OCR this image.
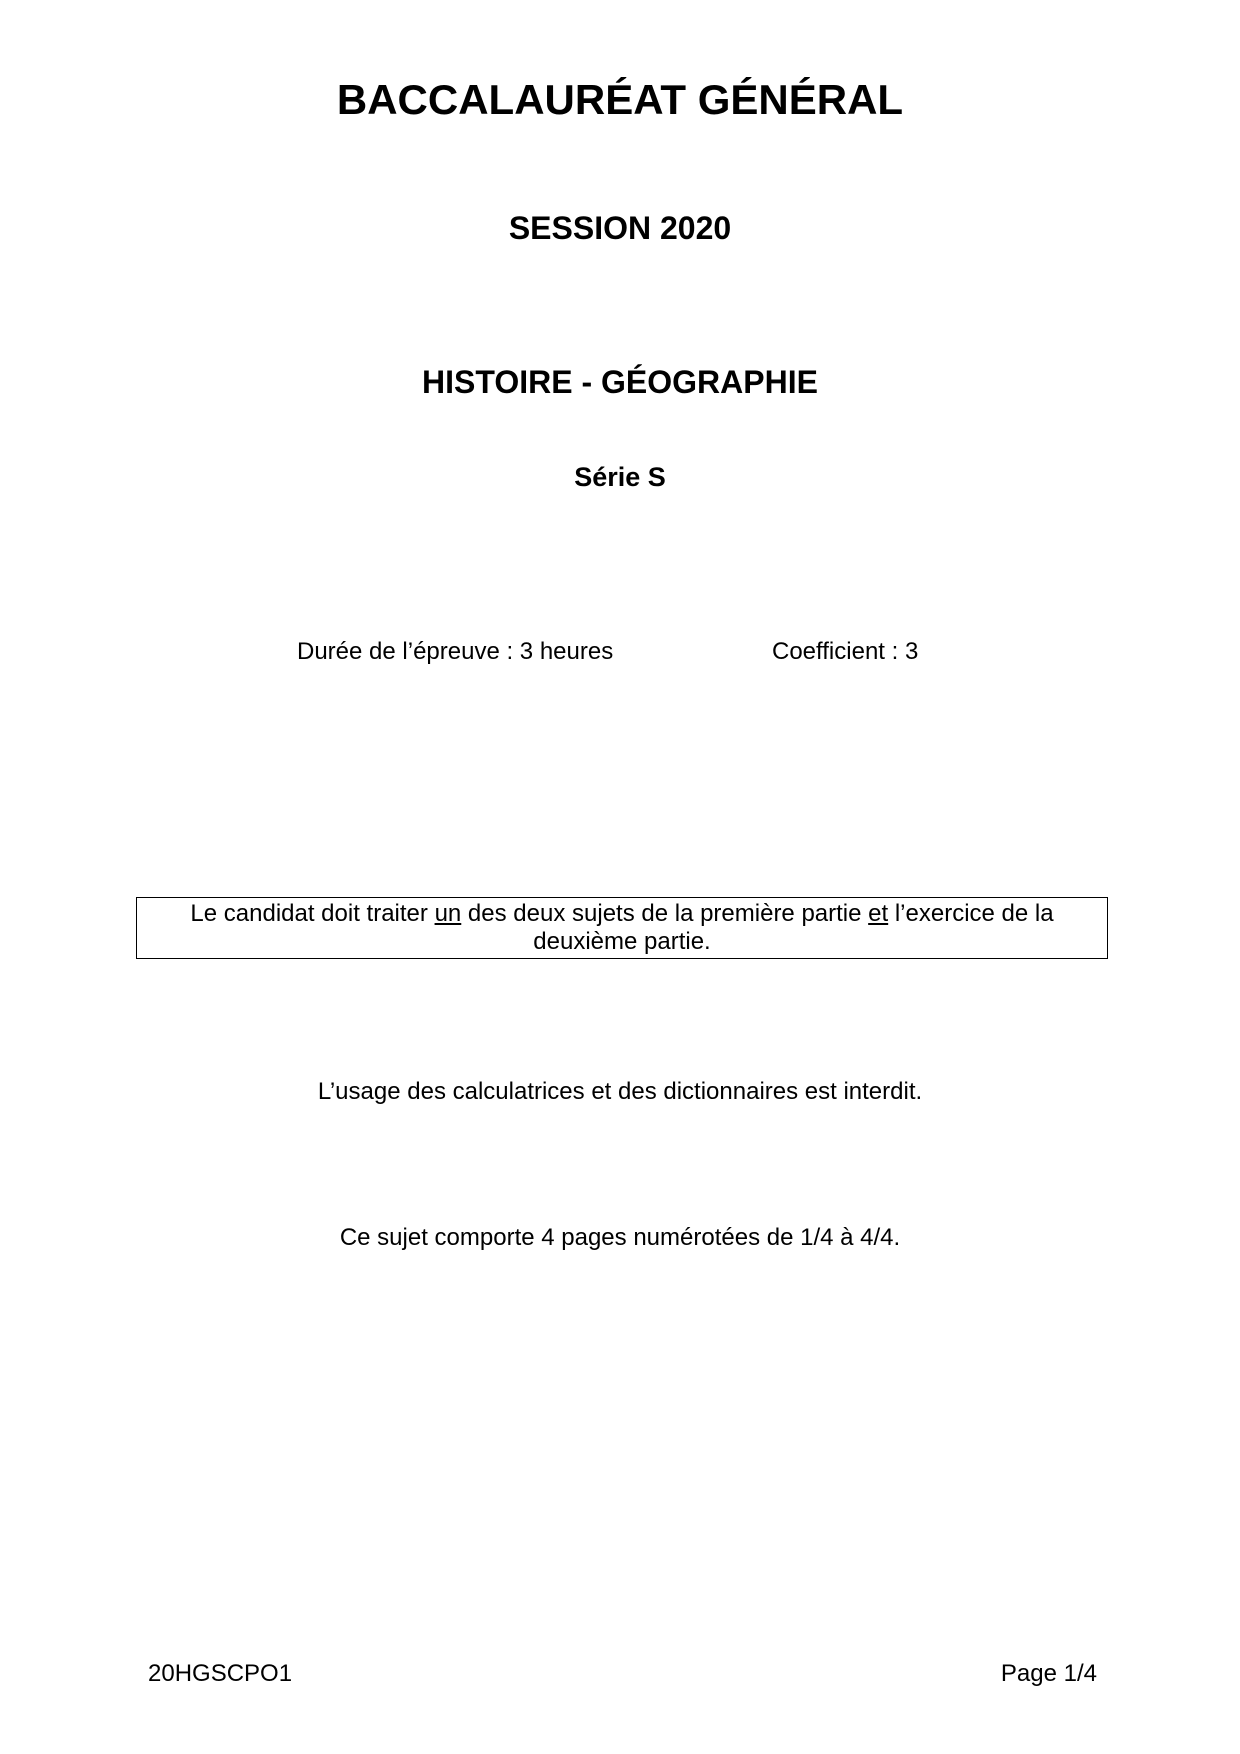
BACCALAURÉAT GÉNÉRAL
SESSION 2020
HISTOIRE - GÉOGRAPHIE
Série S
Durée de l’épreuve : 3 heures	Coefficient : 3
Le candidat doit traiter un des deux sujets de la première partie et l’exercice de la deuxième partie.

L’usage des calculatrices et des dictionnaires est interdit.

Ce sujet comporte 4 pages numérotées de 1/4 à 4/4.

20HGSCPO1	Page 1/4
